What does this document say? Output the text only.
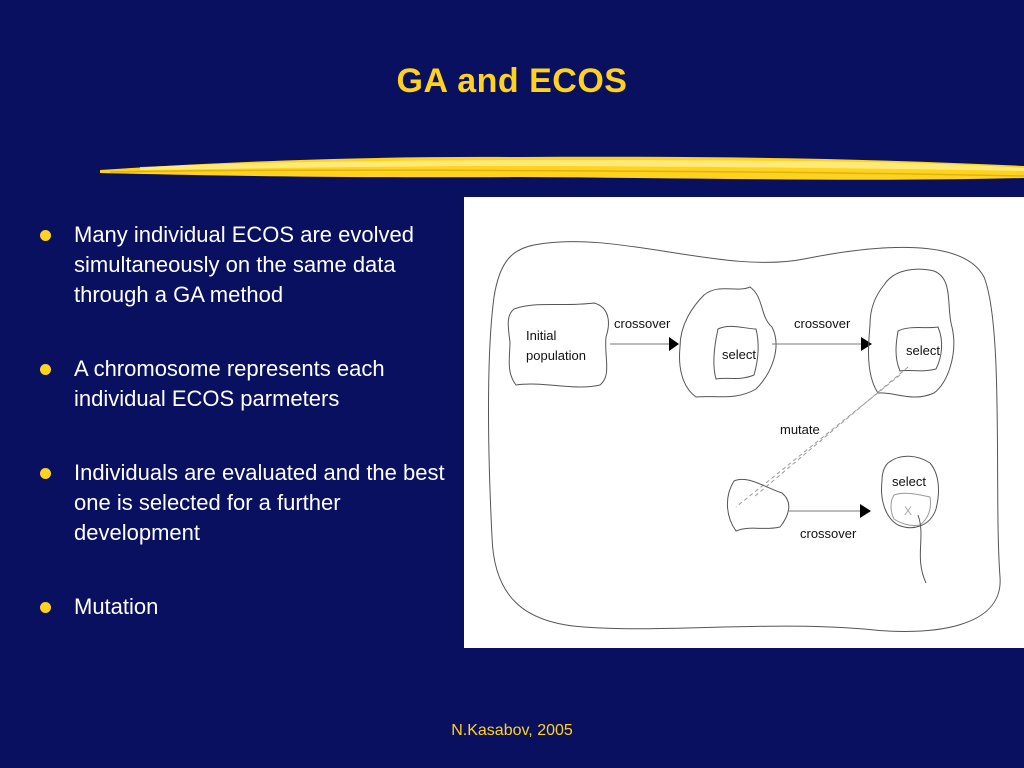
GA and ECOS
Many individual ECOS are evolved simultaneously on the same data through a GA method
A chromosome represents each individual ECOS parmeters
Individuals are evaluated and the best one is selected for a further development
Mutation
Initial
population
crossover
select
crossover
select
mutate
crossover
select
X
N.Kasabov, 2005
